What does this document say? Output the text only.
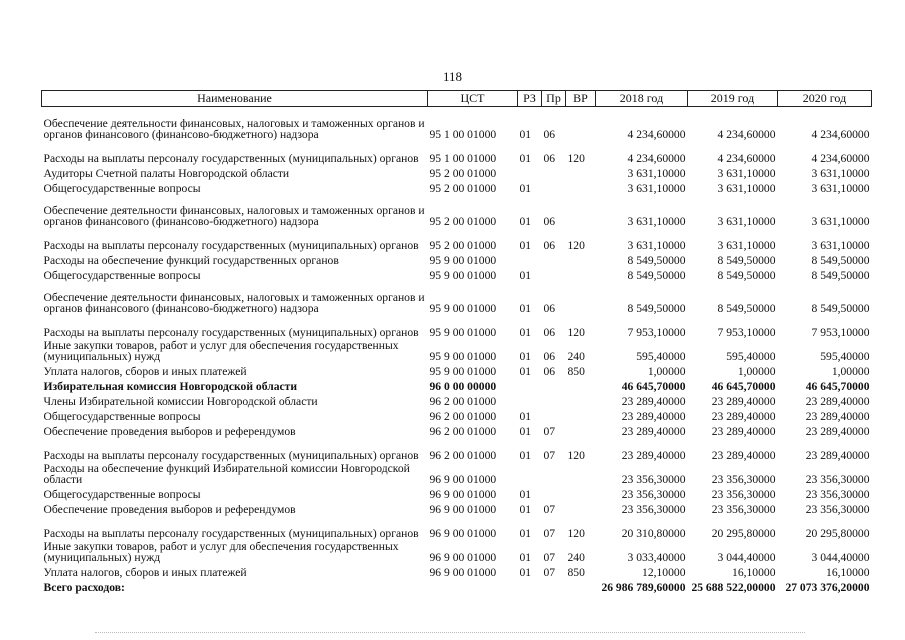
118
Наименование	ЦСТ	РЗ	Пр	ВР	2018 год	2019 год	2020 год
Обеспечение деятельности финансовых, налоговых и таможенных органов и органов финансового (финансово-бюджетного) надзора	95 1 00 01000	01	06		4 234,60000	4 234,60000	4 234,60000
Расходы на выплаты персоналу государственных (муниципальных) органов	95 1 00 01000	01	06	120	4 234,60000	4 234,60000	4 234,60000
Аудиторы Счетной палаты Новгородской области	95 2 00 01000				3 631,10000	3 631,10000	3 631,10000
Общегосударственные вопросы	95 2 00 01000	01			3 631,10000	3 631,10000	3 631,10000
Обеспечение деятельности финансовых, налоговых и таможенных органов и органов финансового (финансово-бюджетного) надзора	95 2 00 01000	01	06		3 631,10000	3 631,10000	3 631,10000
Расходы на выплаты персоналу государственных (муниципальных) органов	95 2 00 01000	01	06	120	3 631,10000	3 631,10000	3 631,10000
Расходы на обеспечение функций государственных органов	95 9 00 01000				8 549,50000	8 549,50000	8 549,50000
Общегосударственные вопросы	95 9 00 01000	01			8 549,50000	8 549,50000	8 549,50000
Обеспечение деятельности финансовых, налоговых и таможенных органов и органов финансового (финансово-бюджетного) надзора	95 9 00 01000	01	06		8 549,50000	8 549,50000	8 549,50000
Расходы на выплаты персоналу государственных (муниципальных) органов	95 9 00 01000	01	06	120	7 953,10000	7 953,10000	7 953,10000
Иные закупки товаров, работ и услуг для обеспечения государственных (муниципальных) нужд	95 9 00 01000	01	06	240	595,40000	595,40000	595,40000
Уплата налогов, сборов и иных платежей	95 9 00 01000	01	06	850	1,00000	1,00000	1,00000
Избирательная комиссия Новгородской области	96 0 00 00000				46 645,70000	46 645,70000	46 645,70000
Члены Избирательной комиссии Новгородской области	96 2 00 01000				23 289,40000	23 289,40000	23 289,40000
Общегосударственные вопросы	96 2 00 01000	01			23 289,40000	23 289,40000	23 289,40000
Обеспечение проведения выборов и референдумов	96 2 00 01000	01	07		23 289,40000	23 289,40000	23 289,40000
Расходы на выплаты персоналу государственных (муниципальных) органов	96 2 00 01000	01	07	120	23 289,40000	23 289,40000	23 289,40000
Расходы на обеспечение функций Избирательной комиссии Новгородской области	96 9 00 01000				23 356,30000	23 356,30000	23 356,30000
Общегосударственные вопросы	96 9 00 01000	01			23 356,30000	23 356,30000	23 356,30000
Обеспечение проведения выборов и референдумов	96 9 00 01000	01	07		23 356,30000	23 356,30000	23 356,30000
Расходы на выплаты персоналу государственных (муниципальных) органов	96 9 00 01000	01	07	120	20 310,80000	20 295,80000	20 295,80000
Иные закупки товаров, работ и услуг для обеспечения государственных (муниципальных) нужд	96 9 00 01000	01	07	240	3 033,40000	3 044,40000	3 044,40000
Уплата налогов, сборов и иных платежей	96 9 00 01000	01	07	850	12,10000	16,10000	16,10000
Всего расходов:					26 986 789,60000	25 688 522,00000	27 073 376,20000
